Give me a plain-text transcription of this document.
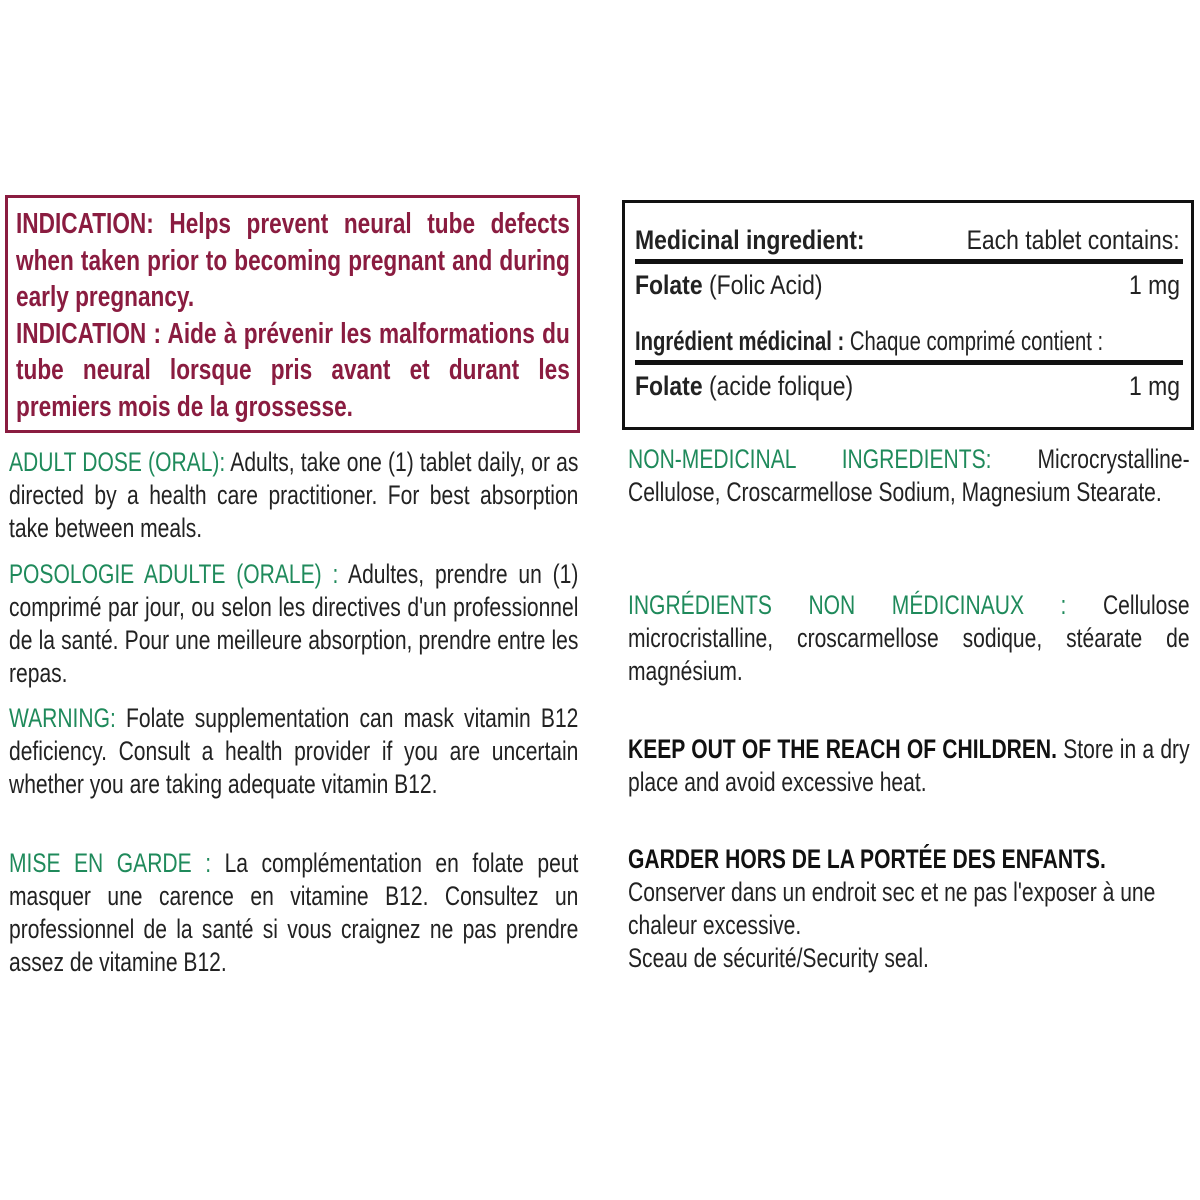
INDICATION: Helps prevent neural tube defects when taken prior to becoming pregnant and during early pregnancy.
INDICATION : Aide à prévenir les malformations du tube neural lorsque pris avant et durant les premiers mois de la grossesse.
Medicinal ingredient:	Each tablet contains:
Folate (Folic Acid)	1 mg
Ingrédient médicinal : Chaque comprimé contient :
Folate (acide folique)	1 mg
ADULT DOSE (ORAL): Adults, take one (1) tablet daily, or as directed by a health care practitioner. For best absorption take between meals.
POSOLOGIE ADULTE (ORALE) : Adultes, prendre un (1) comprimé par jour, ou selon les directives d'un professionnel de la santé. Pour une meilleure absorption, prendre entre les repas.
WARNING: Folate supplementation can mask vitamin B12 deficiency. Consult a health provider if you are uncertain whether you are taking adequate vitamin B12.
MISE EN GARDE : La complémentation en folate peut masquer une carence en vitamine B12. Consultez un professionnel de la santé si vous craignez ne pas prendre assez de vitamine B12.
NON-MEDICINAL INGREDIENTS: Microcrystalline-Cellulose, Croscarmellose Sodium, Magnesium Stearate.
INGRÉDIENTS NON MÉDICINAUX : Cellulose microcristalline, croscarmellose sodique, stéarate de magnésium.
KEEP OUT OF THE REACH OF CHILDREN. Store in a dry place and avoid excessive heat.
GARDER HORS DE LA PORTÉE DES ENFANTS.
Conserver dans un endroit sec et ne pas l'exposer à une chaleur excessive.
Sceau de sécurité/Security seal.
